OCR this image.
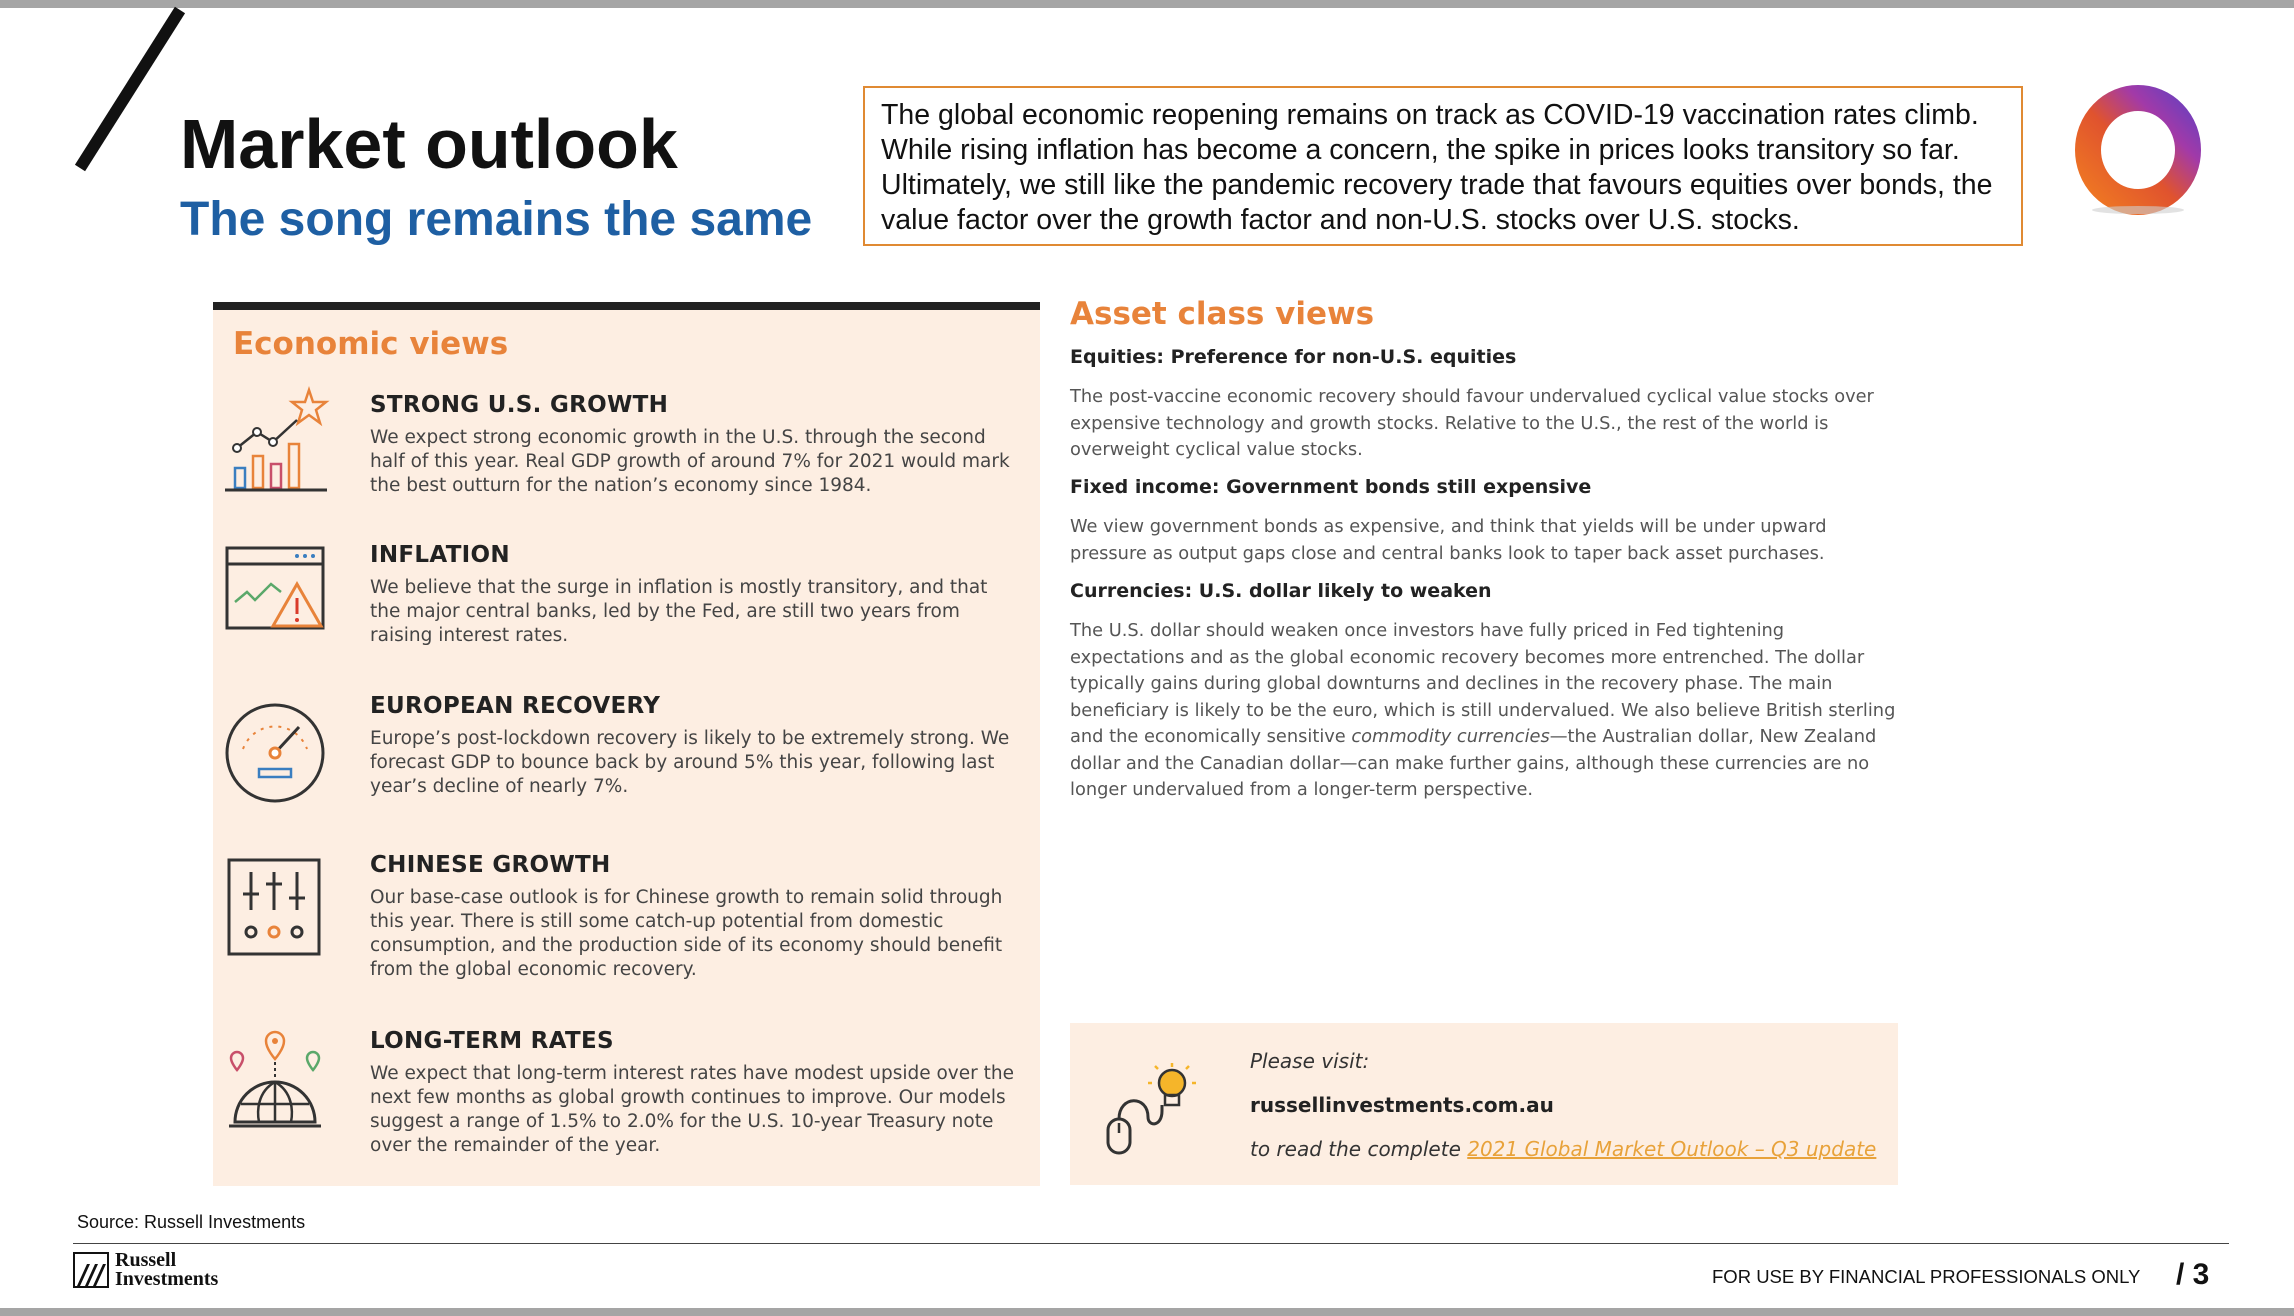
Market outlook
The song remains the same

The global economic reopening remains on track as COVID-19 vaccination rates climb. While rising inflation has become a concern, the spike in prices looks transitory so far. Ultimately, we still like the pandemic recovery trade that favours equities over bonds, the value factor over the growth factor and non-U.S. stocks over U.S. stocks.

Economic views
STRONG U.S. GROWTH

We expect strong economic growth in the U.S. through the second half of this year. Real GDP growth of around 7% for 2021 would mark the best outturn for the nation’s economy since 1984.

INFLATION

We believe that the surge in inflation is mostly transitory, and that the major central banks, led by the Fed, are still two years from raising interest rates.

EUROPEAN RECOVERY

Europe’s post-lockdown recovery is likely to be extremely strong. We forecast GDP to bounce back by around 5% this year, following last year’s decline of nearly 7%.

CHINESE GROWTH

Our base-case outlook is for Chinese growth to remain solid through this year. There is still some catch-up potential from domestic consumption, and the production side of its economy should benefit from the global economic recovery.

LONG-TERM RATES

We expect that long-term interest rates have modest upside over the next few months as global growth continues to improve. Our models suggest a range of 1.5% to 2.0% for the U.S. 10-year Treasury note over the remainder of the year.

Asset class views
Equities: Preference for non-U.S. equities

The post-vaccine economic recovery should favour undervalued cyclical value stocks over expensive technology and growth stocks. Relative to the U.S., the rest of the world is overweight cyclical value stocks.

Fixed income: Government bonds still expensive

We view government bonds as expensive, and think that yields will be under upward pressure as output gaps close and central banks look to taper back asset purchases.

Currencies: U.S. dollar likely to weaken

The U.S. dollar should weaken once investors have fully priced in Fed tightening expectations and as the global economic recovery becomes more entrenched. The dollar typically gains during global downturns and declines in the recovery phase. The main beneficiary is likely to be the euro, which is still undervalued. We also believe British sterling and the economically sensitive commodity currencies—the Australian dollar, New Zealand dollar and the Canadian dollar—can make further gains, although these currencies are no longer undervalued from a longer-term perspective.

Please visit:
russellinvestments.com.au
to read the complete 2021 Global Market Outlook – Q3 update
Source: Russell Investments
Russell
Investments	FOR USE BY FINANCIAL PROFESSIONALS ONLY / 3
